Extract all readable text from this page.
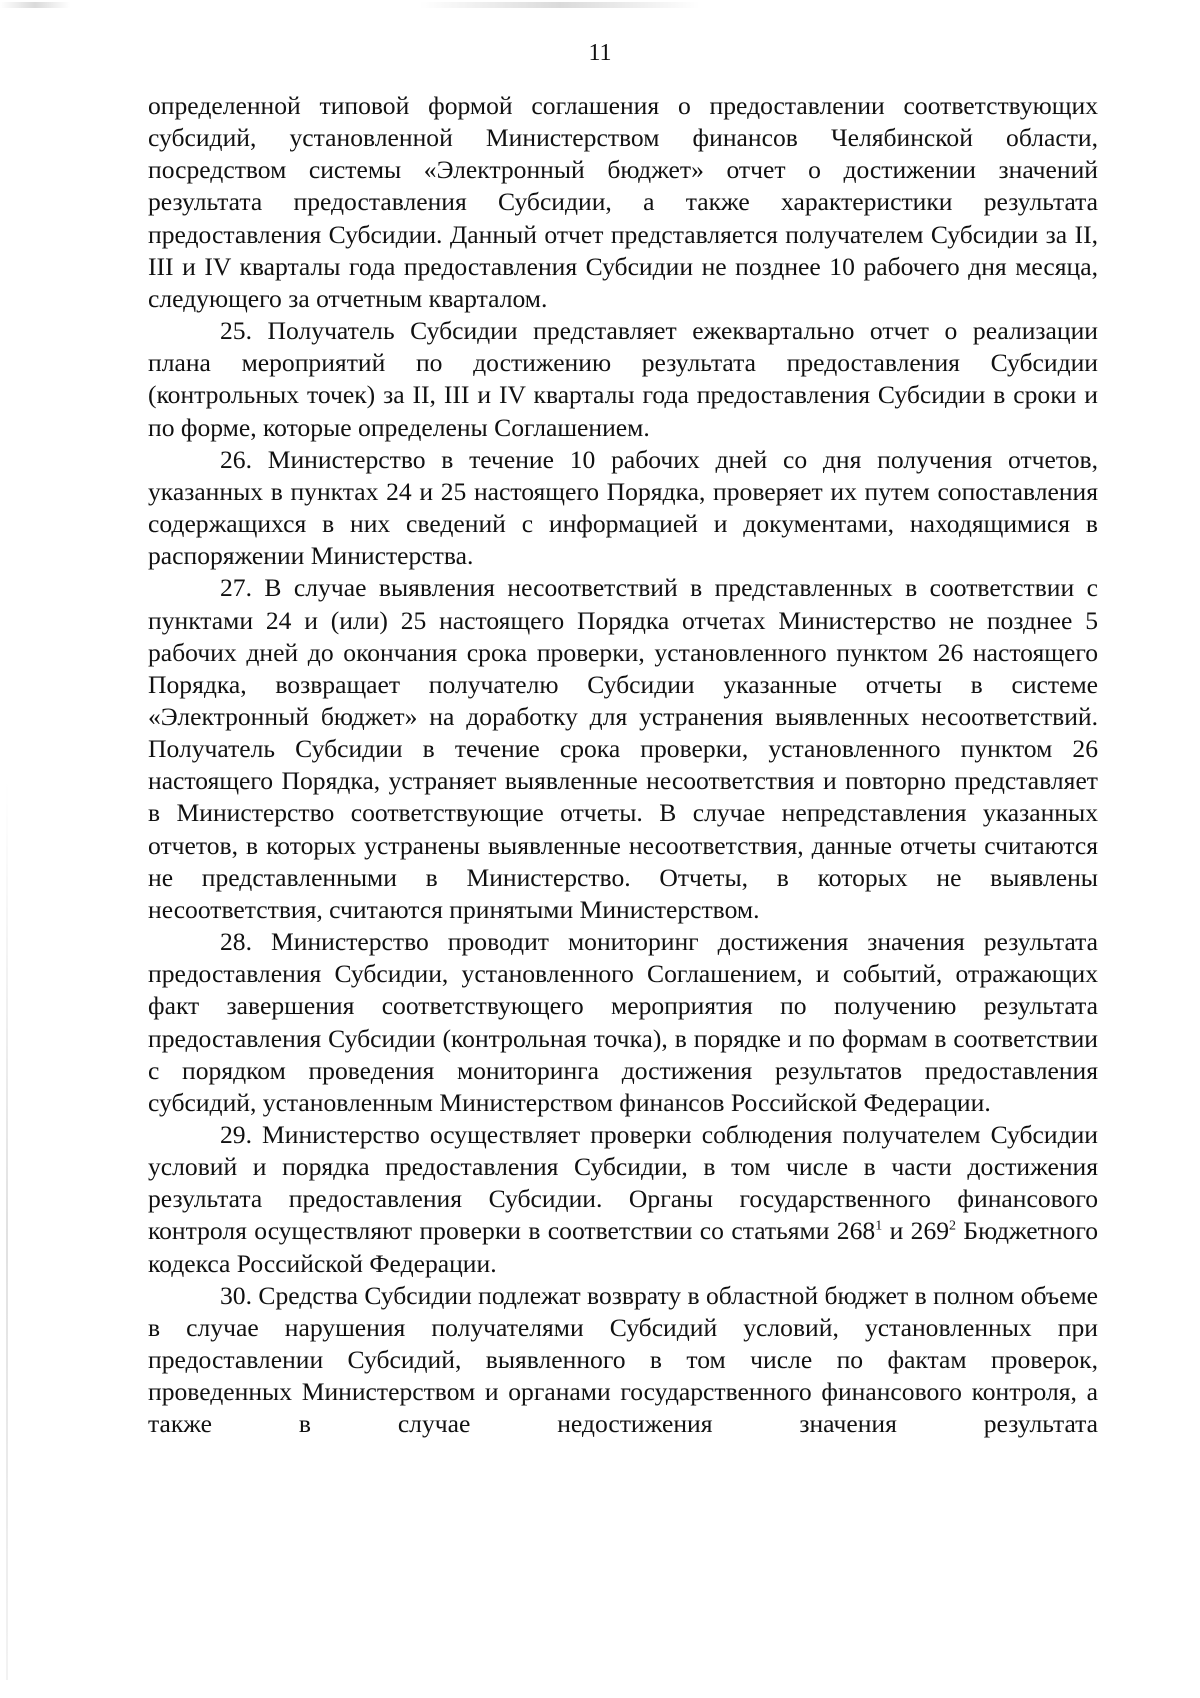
11

определенной типовой формой соглашения о предоставлении соответствующих субсидий, установленной Министерством финансов Челябинской области, посредством системы «Электронный бюджет» отчет о достижении значений результата предоставления Субсидии, а также характеристики результата предоставления Субсидии. Данный отчет представляется получателем Субсидии за II, III и IV кварталы года предоставления Субсидии не позднее 10 рабочего дня месяца, следующего за отчетным кварталом.

25. Получатель Субсидии представляет ежеквартально отчет о реализации плана мероприятий по достижению результата предоставления Субсидии (контрольных точек) за II, III и IV кварталы года предоставления Субсидии в сроки и по форме, которые определены Соглашением.

26. Министерство в течение 10 рабочих дней со дня получения отчетов, указанных в пунктах 24 и 25 настоящего Порядка, проверяет их путем сопоставления содержащихся в них сведений с информацией и документами, находящимися в распоряжении Министерства.

27. В случае выявления несоответствий в представленных в соответствии с пунктами 24 и (или) 25 настоящего Порядка отчетах Министерство не позднее 5 рабочих дней до окончания срока проверки, установленного пунктом 26 настоящего Порядка, возвращает получателю Субсидии указанные отчеты в системе «Электронный бюджет» на доработку для устранения выявленных несоответствий. Получатель Субсидии в течение срока проверки, установленного пунктом 26 настоящего Порядка, устраняет выявленные несоответствия и повторно представляет в Министерство соответствующие отчеты. В случае непредставления указанных отчетов, в которых устранены выявленные несоответствия, данные отчеты считаются не представленными в Министерство. Отчеты, в которых не выявлены несоответствия, считаются принятыми Министерством.

28. Министерство проводит мониторинг достижения значения результата предоставления Субсидии, установленного Соглашением, и событий, отражающих факт завершения соответствующего мероприятия по получению результата предоставления Субсидии (контрольная точка), в порядке и по формам в соответствии с порядком проведения мониторинга достижения результатов предоставления субсидий, установленным Министерством финансов Российской Федерации.

29. Министерство осуществляет проверки соблюдения получателем Субсидии условий и порядка предоставления Субсидии, в том числе в части достижения результата предоставления Субсидии. Органы государственного финансового контроля осуществляют проверки в соответствии со статьями $268^1$ и $269^2$ Бюджетного кодекса Российской Федерации.

30. Средства Субсидии подлежат возврату в областной бюджет в полном объеме в случае нарушения получателями Субсидий условий, установленных при предоставлении Субсидий, выявленного в том числе по фактам проверок, проведенных Министерством и органами государственного финансового контроля, а также в случае недостижения значения результата
